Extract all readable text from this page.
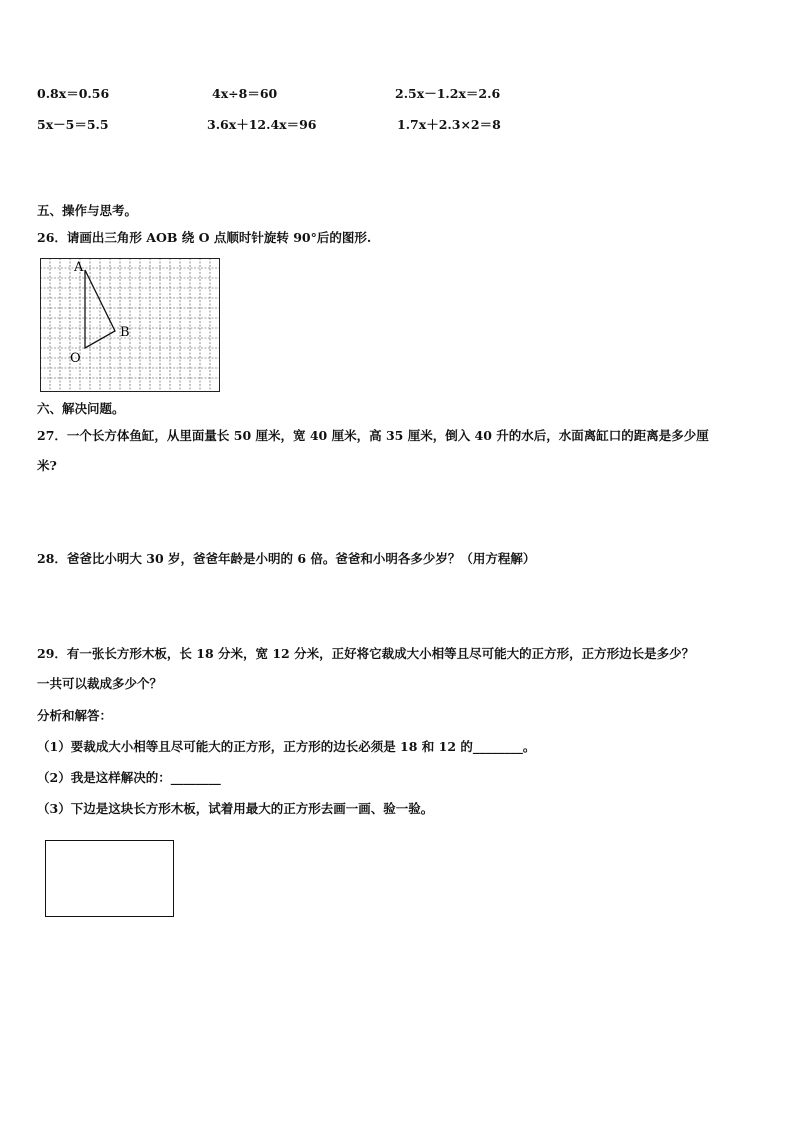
0.8x＝0.56	4x÷8＝60	2.5x－1.2x＝2.6
5x－5＝5.5	3.6x＋12.4x＝96	1.7x＋2.3×2＝8
五、操作与思考。
26．请画出三角形 AOB 绕 O 点顺时针旋转 90°后的图形.
A
B
O
六、解决问题。
27．一个长方体鱼缸，从里面量长 50 厘米，宽 40 厘米，高 35 厘米，倒入 40 升的水后，水面离缸口的距离是多少厘
米?
28．爸爸比小明大 30 岁，爸爸年龄是小明的 6 倍。爸爸和小明各多少岁？（用方程解）
29．有一张长方形木板，长 18 分米，宽 12 分米，正好将它裁成大小相等且尽可能大的正方形，正方形边长是多少？
一共可以裁成多少个？
分析和解答：
（1）要裁成大小相等且尽可能大的正方形，正方形的边长必须是 18 和 12 的________。
（2）我是这样解决的：________
（3）下边是这块长方形木板，试着用最大的正方形去画一画、验一验。
